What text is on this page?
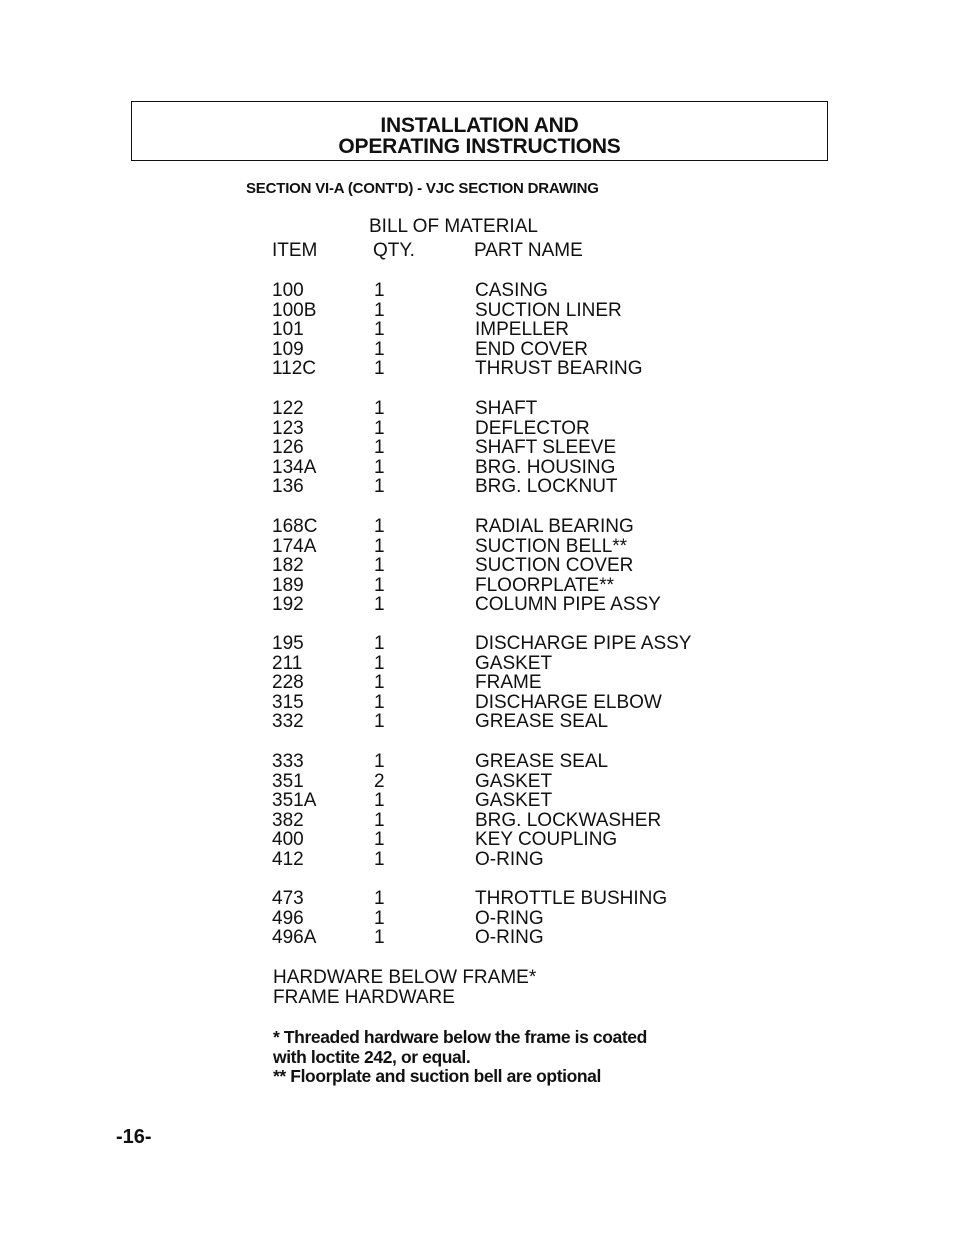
INSTALLATION AND
OPERATING INSTRUCTIONS
SECTION VI-A (CONT'D) - VJC SECTION DRAWING
BILL OF MATERIAL
ITEM	QTY.	PART NAME
100	1	CASING
100B	1	SUCTION LINER
101	1	IMPELLER
109	1	END COVER
112C	1	THRUST BEARING
122	1	SHAFT
123	1	DEFLECTOR
126	1	SHAFT SLEEVE
134A	1	BRG. HOUSING
136	1	BRG. LOCKNUT
168C	1	RADIAL BEARING
174A	1	SUCTION BELL**
182	1	SUCTION COVER
189	1	FLOORPLATE**
192	1	COLUMN PIPE ASSY
195	1	DISCHARGE PIPE ASSY
211	1	GASKET
228	1	FRAME
315	1	DISCHARGE ELBOW
332	1	GREASE SEAL
333	1	GREASE SEAL
351	2	GASKET
351A	1	GASKET
382	1	BRG. LOCKWASHER
400	1	KEY COUPLING
412	1	O-RING
473	1	THROTTLE BUSHING
496	1	O-RING
496A	1	O-RING
HARDWARE BELOW FRAME*
FRAME HARDWARE
* Threaded hardware below the frame is coated
with loctite 242, or equal.
** Floorplate and suction bell are optional
-16-
